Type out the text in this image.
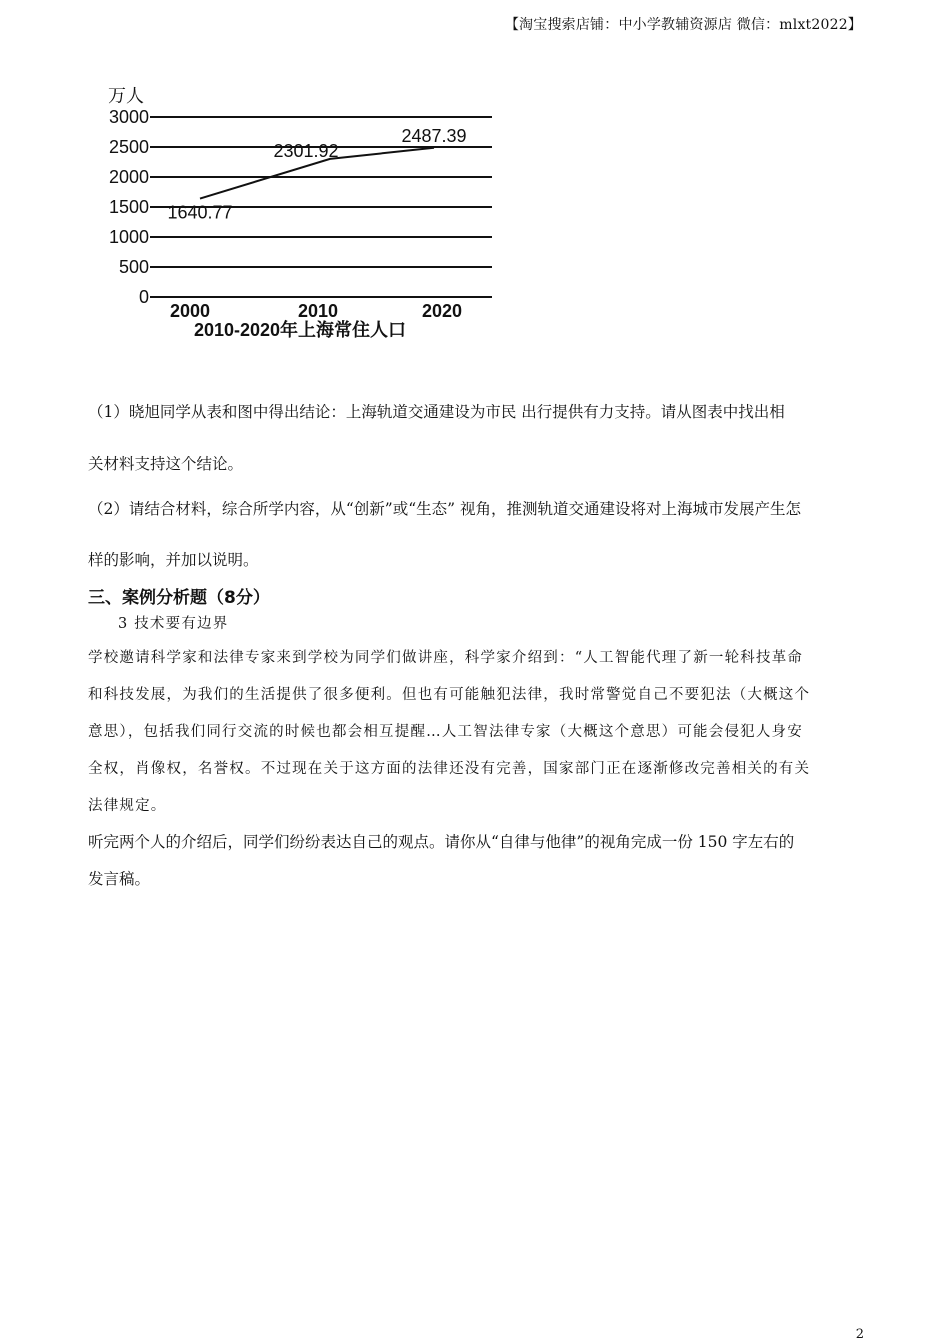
【淘宝搜索店铺：中小学教辅资源店 微信：mlxt2022】
万人
0
500
1000
1500
2000
2500
3000
2000	2010	2020
1640.77
2301.92
2487.39
2010-2020年上海常住人口
（1）晓旭同学从表和图中得出结论：上海轨道交通建设为市民 出行提供有力支持。请从图表中找出相
关材料支持这个结论。
（2）请结合材料，综合所学内容，从“创新”或“生态” 视角，推测轨道交通建设将对上海城市发展产生怎
样的影响，并加以说明。
三、案例分析题（8分）
3 技术要有边界
学校邀请科学家和法律专家来到学校为同学们做讲座，科学家介绍到：“人工智能代理了新一轮科技革命
和科技发展，为我们的生活提供了很多便利。但也有可能触犯法律，我时常警觉自己不要犯法（大概这个
意思），包括我们同行交流的时候也都会相互提醒…人工智法律专家（大概这个意思）可能会侵犯人身安
全权，肖像权，名誉权。不过现在关于这方面的法律还没有完善，国家部门正在逐渐修改完善相关的有关
法律规定。
听完两个人的介绍后，同学们纷纷表达自己的观点。请你从“自律与他律”的视角完成一份 150 字左右的
发言稿。
2
